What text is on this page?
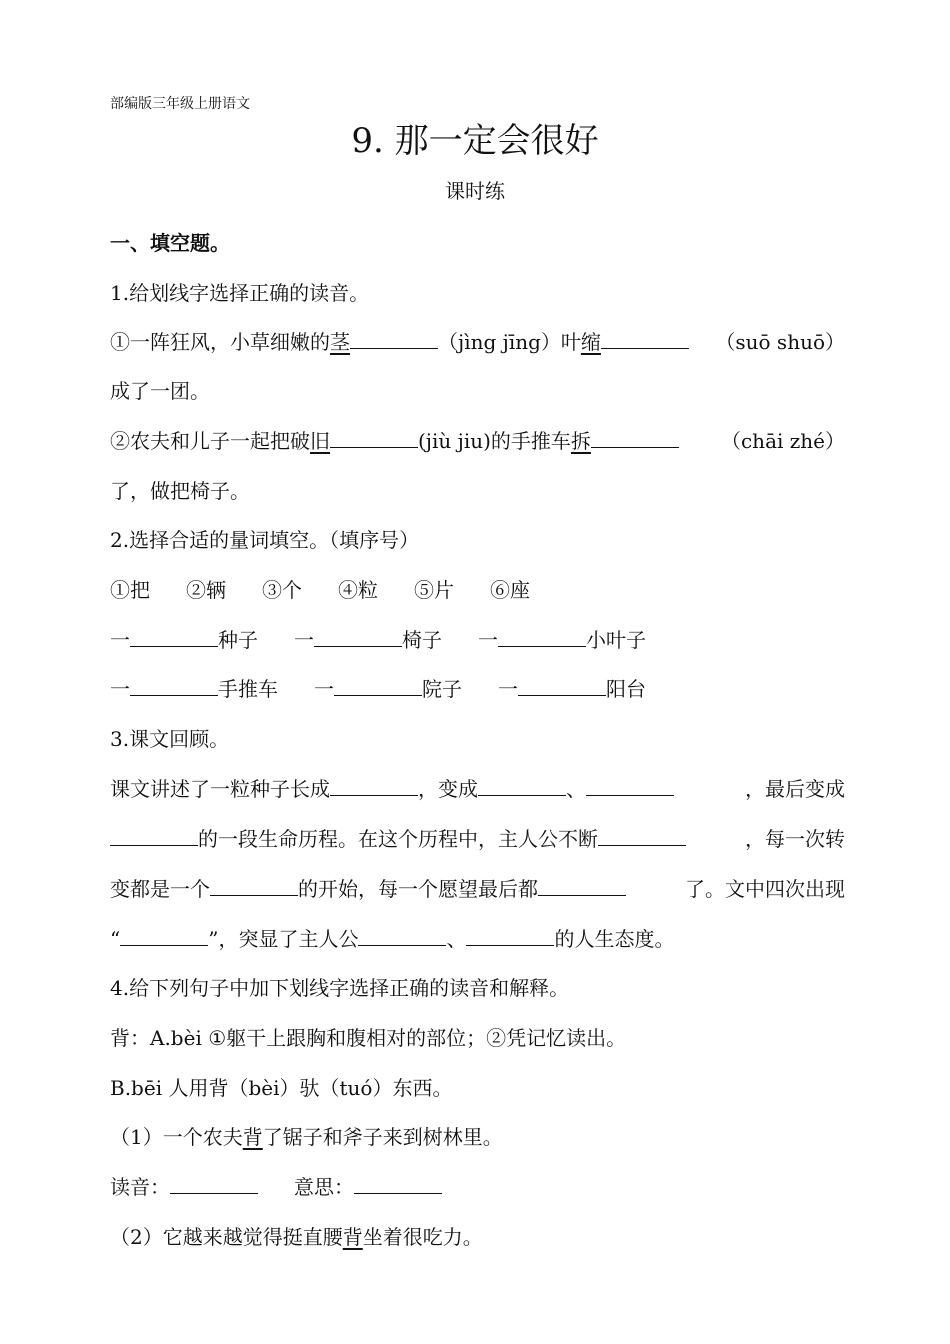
部编版三年级上册语文
9. 那一定会很好
课时练
一、填空题。
1.给划线字选择正确的读音。
①一阵狂风，小草细嫩的茎	（jìng jīng）叶缩	（suō shuō）
成了一团。
②农夫和儿子一起把破旧	(jiù jiu)的手推车拆	（chāi zhé）
了，做把椅子。
2.选择合适的量词填空。（填序号）
①把 ②辆 ③个 ④粒 ⑤片 ⑥座
一	种子 一	椅子 一	小叶子
一	手推车 一	院子 一	阳台
3.课文回顾。
课文讲述了一粒种子长成	，变成	、	，最后变成
的一段生命历程。在这个历程中，主人公不断	，每一次转
变都是一个	的开始，每一个愿望最后都	了。文中四次出现
“	”，突显了主人公	、	的人生态度。
4.给下列句子中加下划线字选择正确的读音和解释。
背：A.bèi ①躯干上跟胸和腹相对的部位；②凭记忆读出。
B.bēi 人用背（bèi）驮（tuó）东西。
（1）一个农夫背了锯子和斧子来到树林里。
读音：	意思：
（2）它越来越觉得挺直腰背坐着很吃力。
